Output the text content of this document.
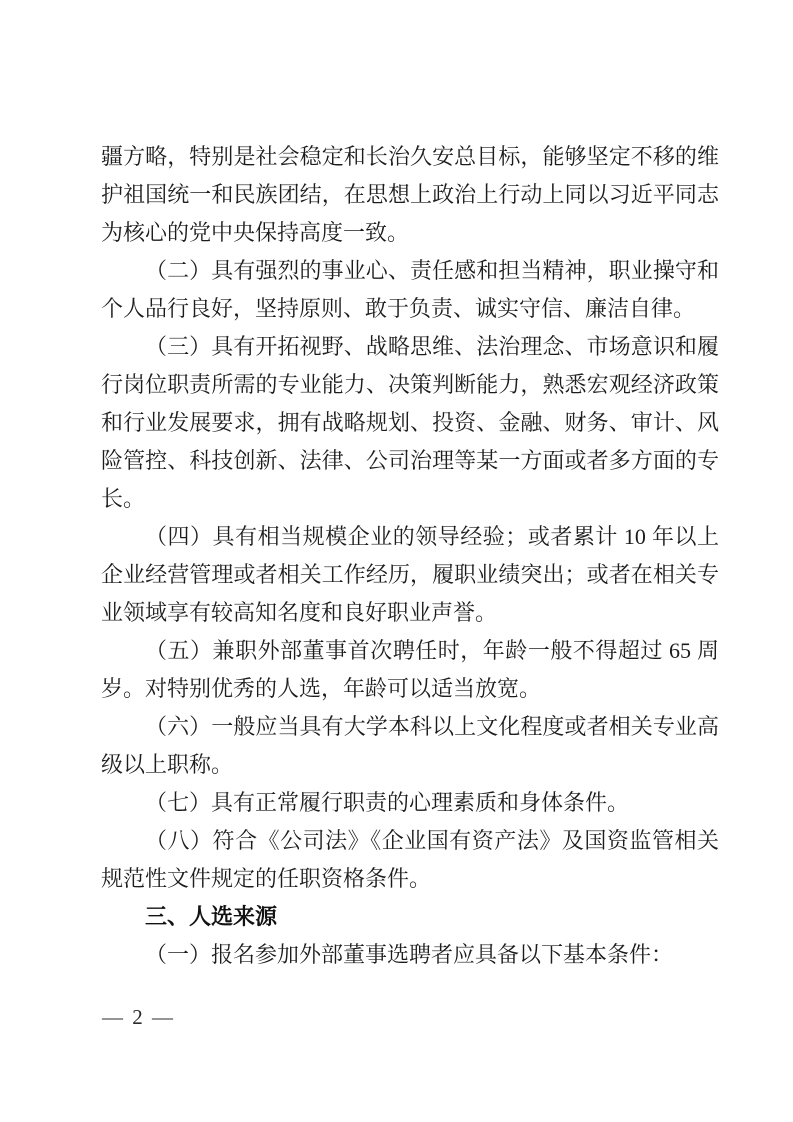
疆方略，特别是社会稳定和长治久安总目标，能够坚定不移的维护祖国统一和民族团结，在思想上政治上行动上同以习近平同志为核心的党中央保持高度一致。

（二）具有强烈的事业心、责任感和担当精神，职业操守和个人品行良好，坚持原则、敢于负责、诚实守信、廉洁自律。

（三）具有开拓视野、战略思维、法治理念、市场意识和履行岗位职责所需的专业能力、决策判断能力，熟悉宏观经济政策和行业发展要求，拥有战略规划、投资、金融、财务、审计、风险管控、科技创新、法律、公司治理等某一方面或者多方面的专长。

（四）具有相当规模企业的领导经验；或者累计 10 年以上企业经营管理或者相关工作经历，履职业绩突出；或者在相关专业领域享有较高知名度和良好职业声誉。

（五）兼职外部董事首次聘任时，年龄一般不得超过 65 周岁。对特别优秀的人选，年龄可以适当放宽。

（六）一般应当具有大学本科以上文化程度或者相关专业高级以上职称。

（七）具有正常履行职责的心理素质和身体条件。

（八）符合《公司法》《企业国有资产法》及国资监管相关规范性文件规定的任职资格条件。

三、人选来源

（一）报名参加外部董事选聘者应具备以下基本条件：

— 2 —
